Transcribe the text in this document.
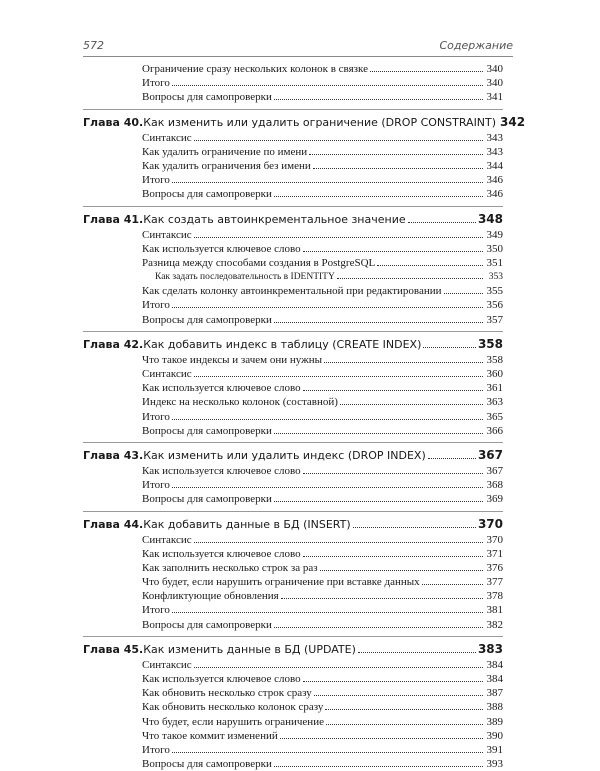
572	Содержание
Ограничение сразу нескольких колонок в связке	340
Итого	340
Вопросы для самопроверки	341
Глава 40. Как изменить или удалить ограничение (DROP CONSTRAINT) 342
Синтаксис	343
Как удалить ограничение по имени	343
Как удалить ограничения без имени	344
Итого	346
Вопросы для самопроверки	346
Глава 41. Как создать автоинкрементальное значение	348
Синтаксис	349
Как используется ключевое слово	350
Разница между способами создания в PostgreSQL	351
Как задать последовательность в IDENTITY	353
Как сделать колонку автоинкрементальной при редактировании	355
Итого	356
Вопросы для самопроверки	357
Глава 42. Как добавить индекс в таблицу (CREATE INDEX)	358
Что такое индексы и зачем они нужны	358
Синтаксис	360
Как используется ключевое слово	361
Индекс на несколько колонок (составной)	363
Итого	365
Вопросы для самопроверки	366
Глава 43. Как изменить или удалить индекс (DROP INDEX)	367
Как используется ключевое слово	367
Итого	368
Вопросы для самопроверки	369
Глава 44. Как добавить данные в БД (INSERT)	370
Синтаксис	370
Как используется ключевое слово	371
Как заполнить несколько строк за раз	376
Что будет, если нарушить ограничение при вставке данных	377
Конфликтующие обновления	378
Итого	381
Вопросы для самопроверки	382
Глава 45. Как изменить данные в БД (UPDATE)	383
Синтаксис	384
Как используется ключевое слово	384
Как обновить несколько строк сразу	387
Как обновить несколько колонок сразу	388
Что будет, если нарушить ограничение	389
Что такое коммит изменений	390
Итого	391
Вопросы для самопроверки	393
